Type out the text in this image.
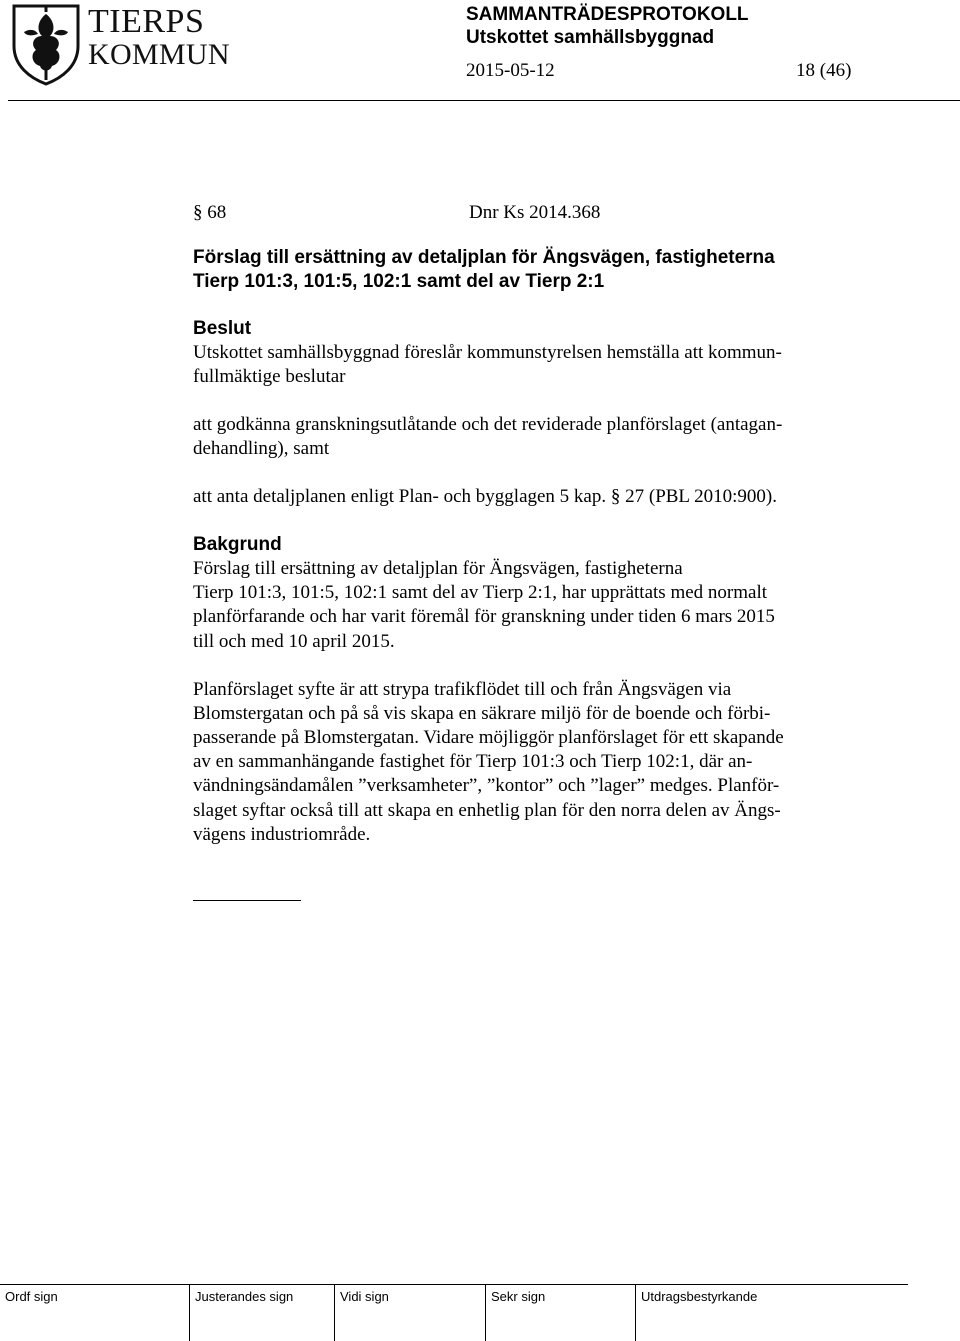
TIERPS
KOMMUN
SAMMANTRÄDESPROTOKOLL
Utskottet samhällsbyggnad
2015-05-12	18 (46)
§ 68	Dnr Ks 2014.368
Förslag till ersättning av detaljplan för Ängsvägen, fastigheterna
Tierp 101:3, 101:5, 102:1 samt del av Tierp 2:1
Beslut
Utskottet samhällsbyggnad föreslår kommunstyrelsen hemställa att kommun-
fullmäktige beslutar
att godkänna granskningsutlåtande och det reviderade planförslaget (antagan-
dehandling), samt
att anta detaljplanen enligt Plan- och bygglagen 5 kap. § 27 (PBL 2010:900).
Bakgrund
Förslag till ersättning av detaljplan för Ängsvägen, fastigheterna
Tierp 101:3, 101:5, 102:1 samt del av Tierp 2:1, har upprättats med normalt
planförfarande och har varit föremål för granskning under tiden 6 mars 2015
till och med 10 april 2015.
Planförslaget syfte är att strypa trafikflödet till och från Ängsvägen via
Blomstergatan och på så vis skapa en säkrare miljö för de boende och förbi-
passerande på Blomstergatan. Vidare möjliggör planförslaget för ett skapande
av en sammanhängande fastighet för Tierp 101:3 och Tierp 102:1, där an-
vändningsändamålen ”verksamheter”, ”kontor” och ”lager” medges. Planför-
slaget syftar också till att skapa en enhetlig plan för den norra delen av Ängs-
vägens industriområde.
Ordf sign	Justerandes sign	Vidi sign	Sekr sign	Utdragsbestyrkande
